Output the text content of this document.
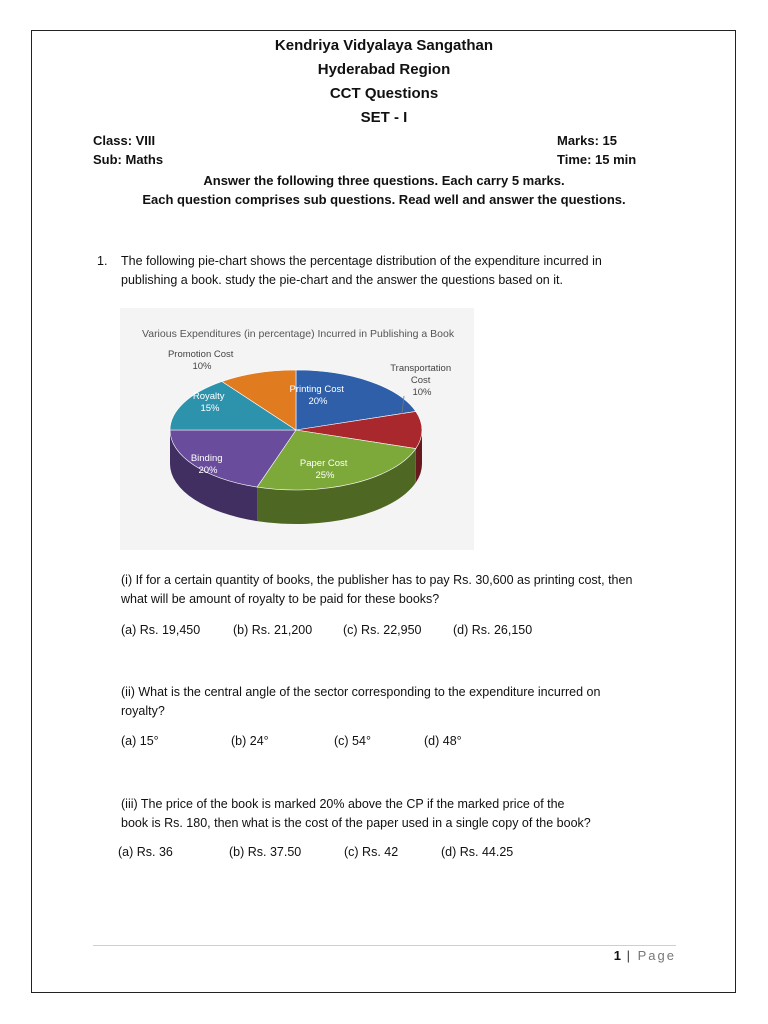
Kendriya Vidyalaya Sangathan
Hyderabad Region
CCT Questions
SET - I
Class: VIII	Marks: 15
Sub: Maths	Time: 15 min
Answer the following three questions. Each carry 5 marks.
Each question comprises sub questions. Read well and answer the questions.
1. The following pie-chart shows the percentage distribution of the expenditure incurred in
publishing a book. study the pie-chart and the answer the questions based on it.
Various Expenditures (in percentage) Incurred in Publishing a Book
Promotion Cost 10%
Printing Cost 20%
Transportation Cost 10%
Royalty 15%
Binding 20%
Paper Cost 25%
(i) If for a certain quantity of books, the publisher has to pay Rs. 30,600 as printing cost, then
what will be amount of royalty to be paid for these books?
(a) Rs. 19,450	(b) Rs. 21,200 (c) Rs. 22,950	(d) Rs. 26,150
(ii) What is the central angle of the sector corresponding to the expenditure incurred on
royalty?
(a) 15°	(b) 24°	(c) 54°	(d) 48°
(iii) The price of the book is marked 20% above the CP if the marked price of the
book is Rs. 180, then what is the cost of the paper used in a single copy of the book?
(a) Rs. 36	(b) Rs. 37.50	(c) Rs. 42	(d) Rs. 44.25
1 | Page
